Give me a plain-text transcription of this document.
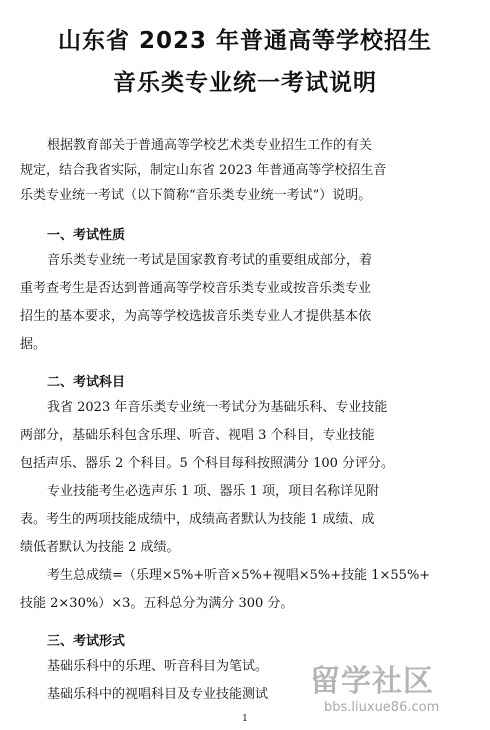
山东省 2023 年普通高等学校招生
音乐类专业统一考试说明
根据教育部关于普通高等学校艺术类专业招生工作的有关
规定，结合我省实际，制定山东省 2023 年普通高等学校招生音
乐类专业统一考试（以下简称“音乐类专业统一考试”）说明。
一、考试性质
音乐类专业统一考试是国家教育考试的重要组成部分，着
重考查考生是否达到普通高等学校音乐类专业或按音乐类专业
招生的基本要求，为高等学校选拔音乐类专业人才提供基本依
据。
二、考试科目
我省 2023 年音乐类专业统一考试分为基础乐科、专业技能
两部分，基础乐科包含乐理、听音、视唱 3 个科目，专业技能
包括声乐、器乐 2 个科目。5 个科目每科按照满分 100 分评分。
专业技能考生必选声乐 1 项、器乐 1 项，项目名称详见附
表。考生的两项技能成绩中，成绩高者默认为技能 1 成绩、成
绩低者默认为技能 2 成绩。
考生总成绩=（乐理×5%+听音×5%+视唱×5%+技能 1×55%+
技能 2×30%）×3。五科总分为满分 300 分。
三、考试形式
基础乐科中的乐理、听音科目为笔试。
基础乐科中的视唱科目及专业技能测试
1
留学社区
bbs.liuxue86.com
